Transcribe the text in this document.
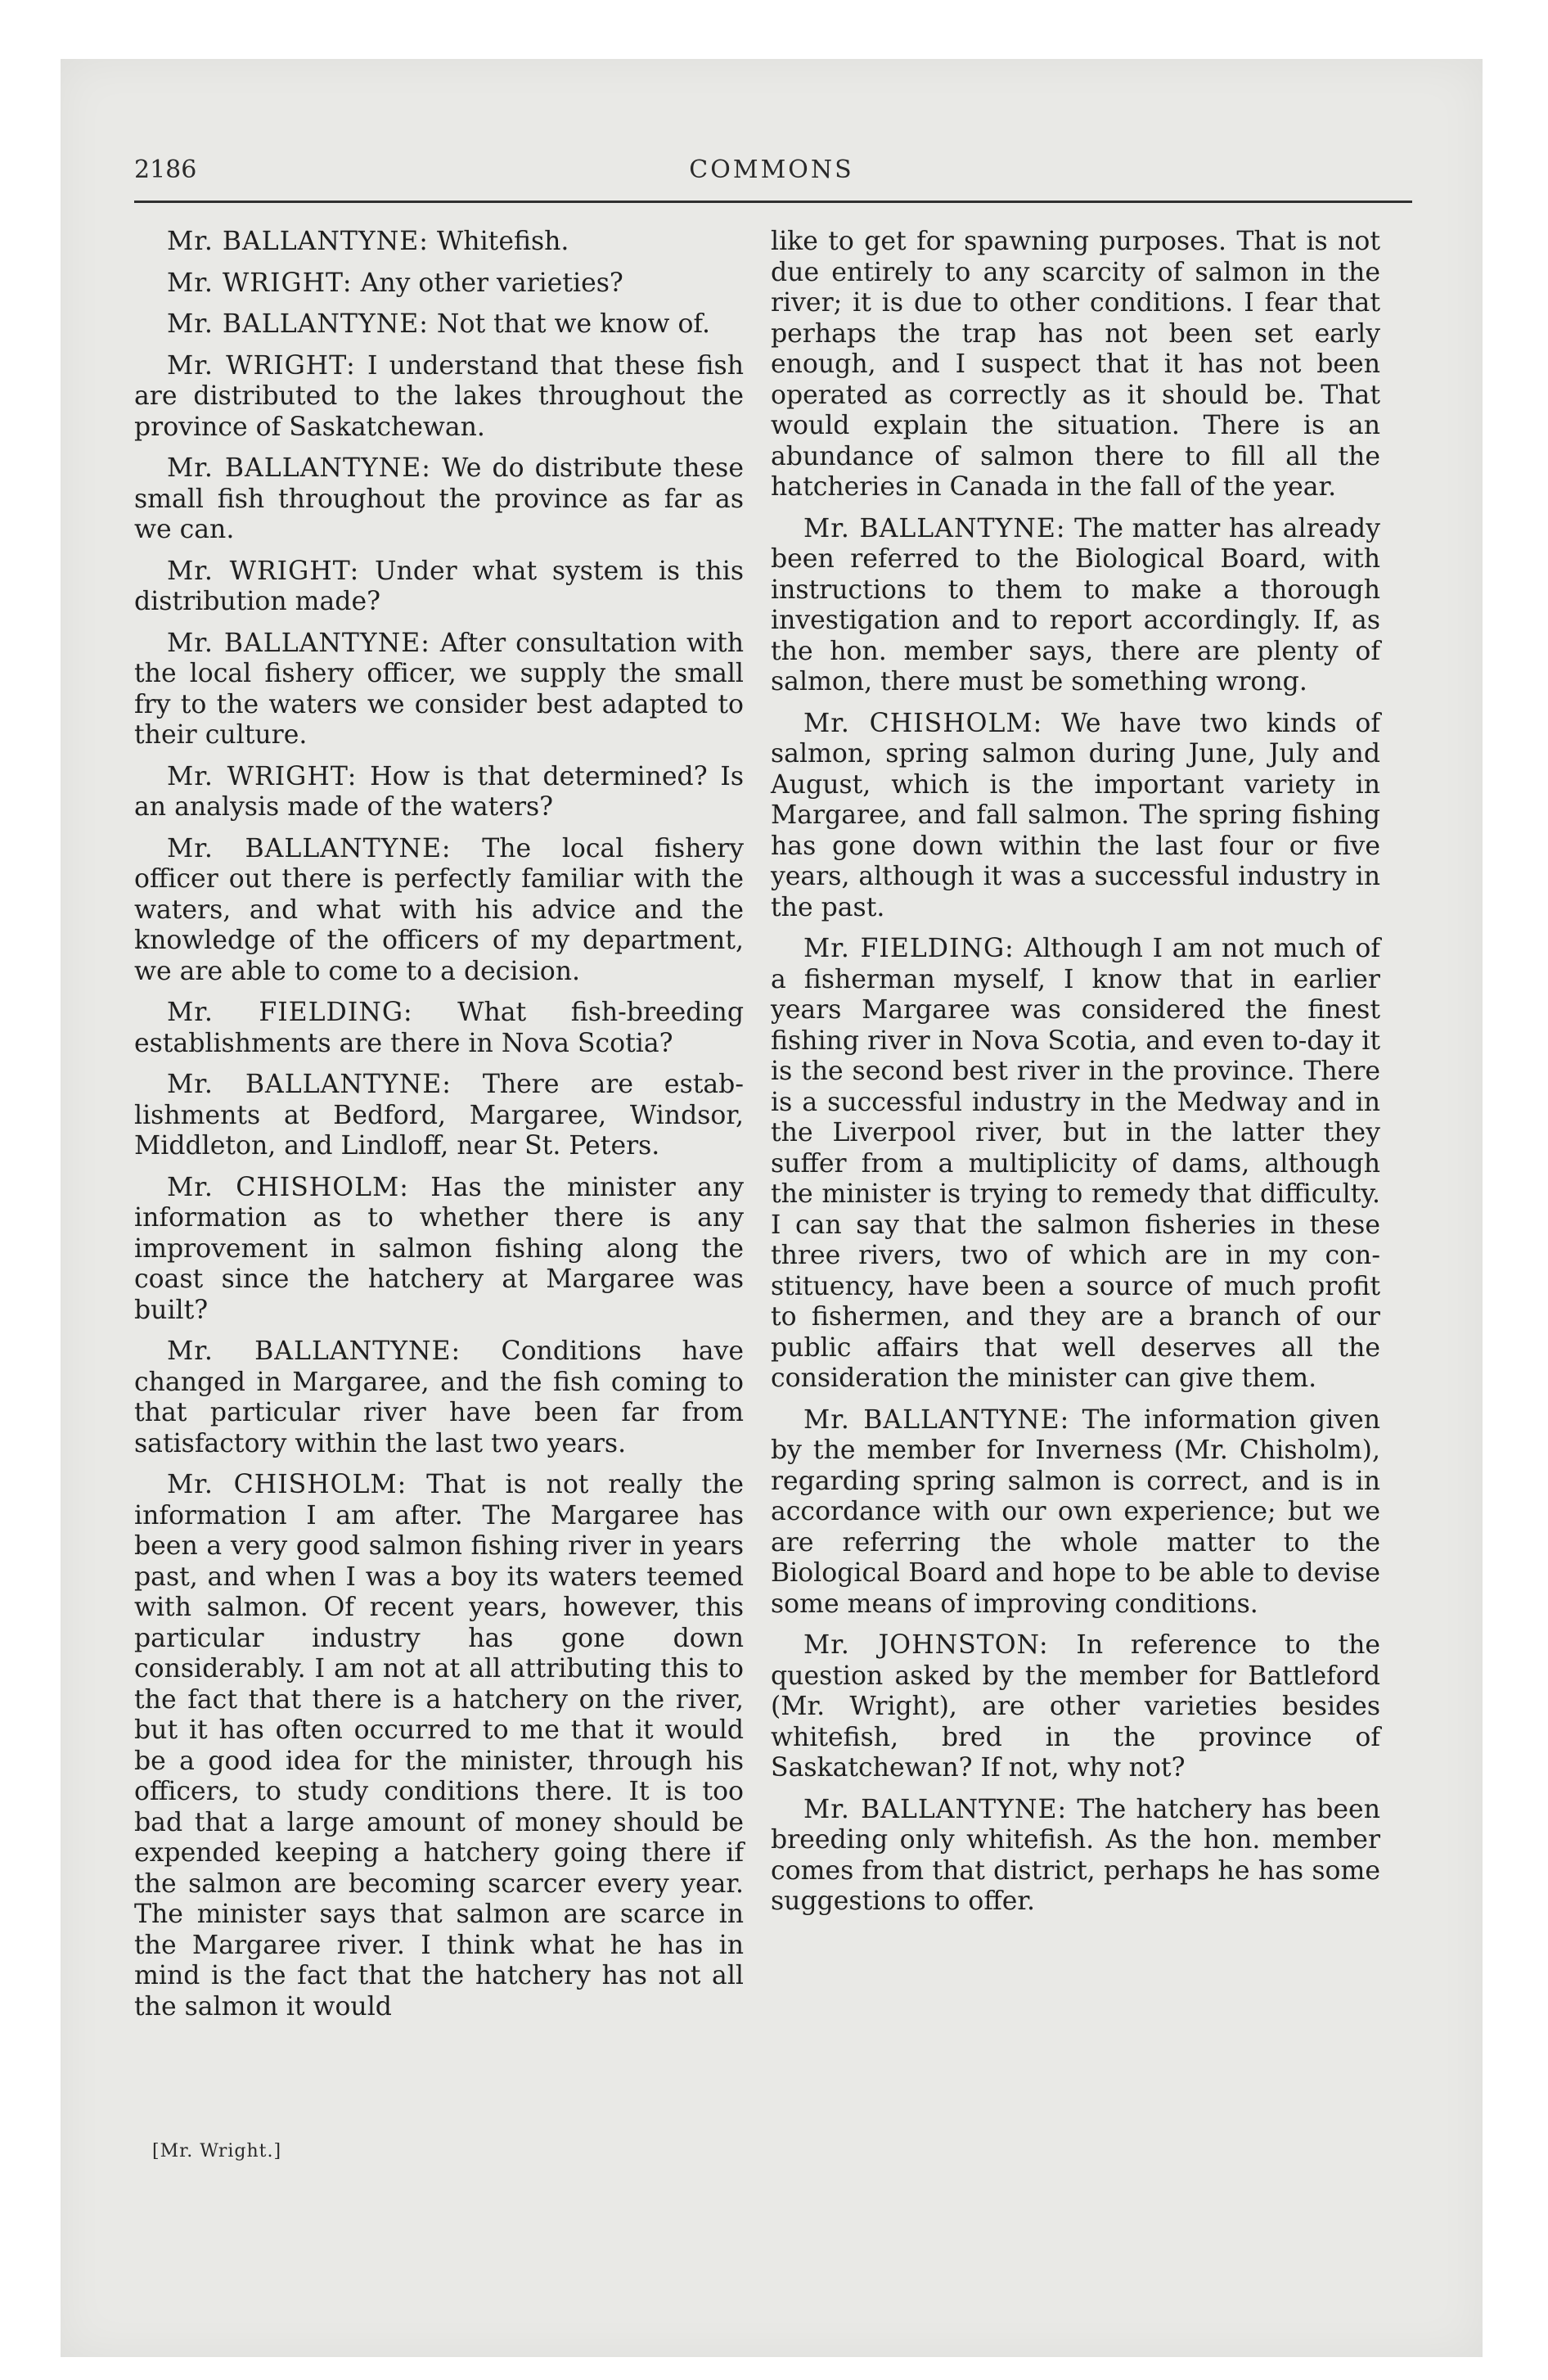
2186	COMMONS

Mr. BALLANTYNE: Whitefish.

Mr. WRIGHT: Any other varieties?

Mr. BALLANTYNE: Not that we know of.

Mr. WRIGHT: I understand that these fish are distributed to the lakes throughout the province of Saskatchewan.

Mr. BALLANTYNE: We do distribute these small fish throughout the province as far as we can.

Mr. WRIGHT: Under what system is this distribution made?

Mr. BALLANTYNE: After consultation with the local fishery officer, we supply the small fry to the waters we consider best adapted to their culture.

Mr. WRIGHT: How is that determined? Is an analysis made of the waters?

Mr. BALLANTYNE: The local fishery officer out there is perfectly familiar with the waters, and what with his advice and the knowledge of the officers of my department, we are able to come to a decision.

Mr. FIELDING: What fish-breeding establishments are there in Nova Scotia?

Mr. BALLANTYNE: There are establishments at Bedford, Margaree, Windsor, Middleton, and Lindloff, near St. Peters.

Mr. CHISHOLM: Has the minister any information as to whether there is any improvement in salmon fishing along the coast since the hatchery at Margaree was built?

Mr. BALLANTYNE: Conditions have changed in Margaree, and the fish coming to that particular river have been far from satisfactory within the last two years.

Mr. CHISHOLM: That is not really the information I am after. The Margaree has been a very good salmon fishing river in years past, and when I was a boy its waters teemed with salmon. Of recent years, however, this particular industry has gone down considerably. I am not at all attributing this to the fact that there is a hatchery on the river, but it has often occurred to me that it would be a good idea for the minister, through his officers, to study conditions there. It is too bad that a large amount of money should be expended keeping a hatchery going there if the salmon are becoming scarcer every year. The minister says that salmon are scarce in the Margaree river. I think what he has in mind is the fact that the hatchery has not all the salmon it would

[Mr. Wright.]

like to get for spawning purposes. That is not due entirely to any scarcity of salmon in the river; it is due to other conditions. I fear that perhaps the trap has not been set early enough, and I suspect that it has not been operated as correctly as it should be. That would explain the situation. There is an abundance of salmon there to fill all the hatcheries in Canada in the fall of the year.

Mr. BALLANTYNE: The matter has already been referred to the Biological Board, with instructions to them to make a thorough investigation and to report accordingly. If, as the hon. member says, there are plenty of salmon, there must be something wrong.

Mr. CHISHOLM: We have two kinds of salmon, spring salmon during June, July and August, which is the important variety in Margaree, and fall salmon. The spring fishing has gone down within the last four or five years, although it was a successful industry in the past.

Mr. FIELDING: Although I am not much of a fisherman myself, I know that in earlier years Margaree was considered the finest fishing river in Nova Scotia, and even to-day it is the second best river in the province. There is a successful industry in the Medway and in the Liverpool river, but in the latter they suffer from a multiplicity of dams, although the minister is trying to remedy that difficulty. I can say that the salmon fisheries in these three rivers, two of which are in my constituency, have been a source of much profit to fishermen, and they are a branch of our public affairs that well deserves all the consideration the minister can give them.

Mr. BALLANTYNE: The information given by the member for Inverness (Mr. Chisholm), regarding spring salmon is correct, and is in accordance with our own experience; but we are referring the whole matter to the Biological Board and hope to be able to devise some means of improving conditions.

Mr. JOHNSTON: In reference to the question asked by the member for Battleford (Mr. Wright), are other varieties besides whitefish, bred in the province of Saskatchewan? If not, why not?

Mr. BALLANTYNE: The hatchery has been breeding only whitefish. As the hon. member comes from that district, perhaps he has some suggestions to offer.
